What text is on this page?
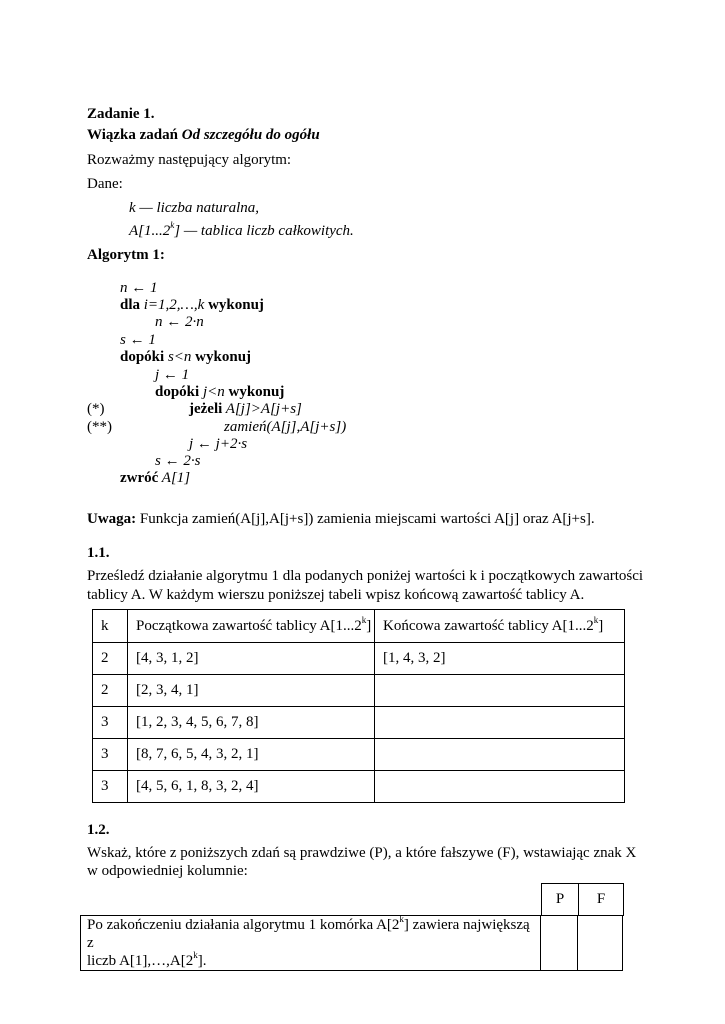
Zadanie 1.
Wiązka zadań Od szczegółu do ogółu
Rozważmy następujący algorytm:
Dane:
k — liczba naturalna,
A[1...2$^k$] — tablica liczb całkowitych.
Algorytm 1:
n ← 1
dla i=1,2,…,k wykonuj
n ← 2·n
s ← 1
dopóki s<n wykonuj
j ← 1
dopóki j<n wykonuj
(*)	jeżeli A[j]>A[j+s]
(**)	zamień(A[j],A[j+s])
j ← j+2·s
s ← 2·s
zwróć A[1]
Uwaga: Funkcja zamień(A[j],A[j+s]) zamienia miejscami wartości A[j] oraz A[j+s].
1.1.
Prześledź działanie algorytmu 1 dla podanych poniżej wartości k i początkowych zawartości
tablicy A. W każdym wierszu poniższej tabeli wpisz końcową zawartość tablicy A.
k	Początkowa zawartość tablicy A[1...2$^k$]	Końcowa zawartość tablicy A[1...2$^k$]
2	[4, 3, 1, 2]	[1, 4, 3, 2]
2	[2, 3, 4, 1]	
3	[1, 2, 3, 4, 5, 6, 7, 8]	
3	[8, 7, 6, 5, 4, 3, 2, 1]	
3	[4, 5, 6, 1, 8, 3, 2, 4]	
1.2.
Wskaż, które z poniższych zdań są prawdziwe (P), a które fałszywe (F), wstawiając znak X
w odpowiedniej kolumnie:
P	F
Po zakończeniu działania algorytmu 1 komórka A[2$^k$] zawiera największą z
liczb A[1],…,A[2$^k$].		
